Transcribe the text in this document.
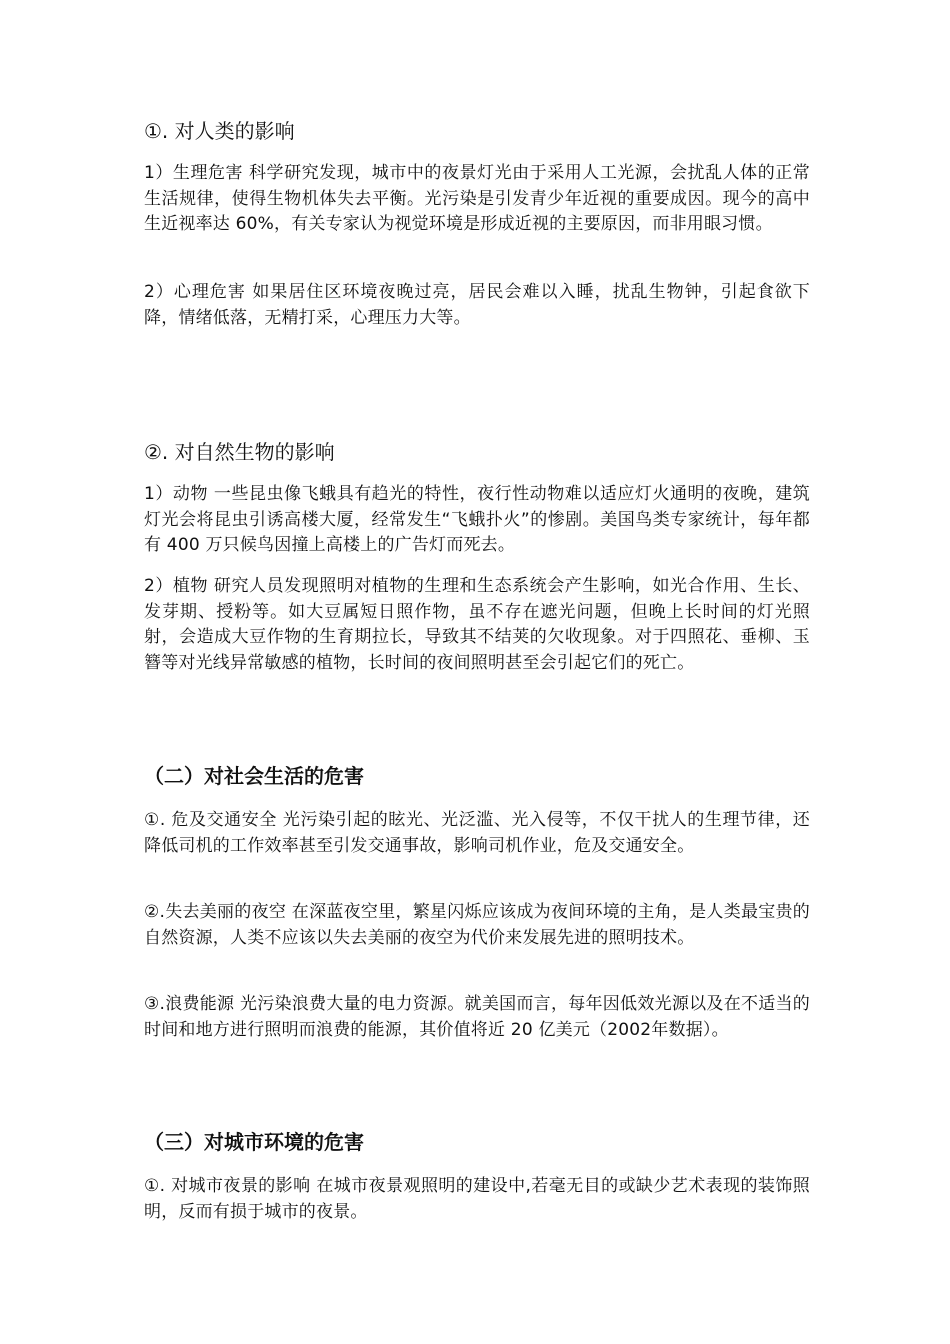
①. 对人类的影响

1）生理危害 科学研究发现，城市中的夜景灯光由于采用人工光源，会扰乱人体的正常生活规律，使得生物机体失去平衡。光污染是引发青少年近视的重要成因。现今的高中生近视率达 60%，有关专家认为视觉环境是形成近视的主要原因，而非用眼习惯。

2）心理危害 如果居住区环境夜晚过亮，居民会难以入睡，扰乱生物钟，引起食欲下降，情绪低落，无精打采，心理压力大等。

②. 对自然生物的影响

1）动物 一些昆虫像飞蛾具有趋光的特性，夜行性动物难以适应灯火通明的夜晚，建筑灯光会将昆虫引诱高楼大厦，经常发生“飞蛾扑火”的惨剧。美国鸟类专家统计，每年都有 400 万只候鸟因撞上高楼上的广告灯而死去。

2）植物 研究人员发现照明对植物的生理和生态系统会产生影响，如光合作用、生长、发芽期、授粉等。如大豆属短日照作物，虽不存在遮光问题，但晚上长时间的灯光照射，会造成大豆作物的生育期拉长，导致其不结荚的欠收现象。对于四照花、垂柳、玉簪等对光线异常敏感的植物，长时间的夜间照明甚至会引起它们的死亡。

（二）对社会生活的危害

①. 危及交通安全 光污染引起的眩光、光泛滥、光入侵等，不仅干扰人的生理节律，还降低司机的工作效率甚至引发交通事故，影响司机作业，危及交通安全。

②.失去美丽的夜空 在深蓝夜空里，繁星闪烁应该成为夜间环境的主角，是人类最宝贵的自然资源，人类不应该以失去美丽的夜空为代价来发展先进的照明技术。

③.浪费能源 光污染浪费大量的电力资源。就美国而言，每年因低效光源以及在不适当的时间和地方进行照明而浪费的能源，其价值将近 20 亿美元（2002年数据）。

（三）对城市环境的危害

①. 对城市夜景的影响 在城市夜景观照明的建设中,若毫无目的或缺少艺术表现的装饰照明，反而有损于城市的夜景。
